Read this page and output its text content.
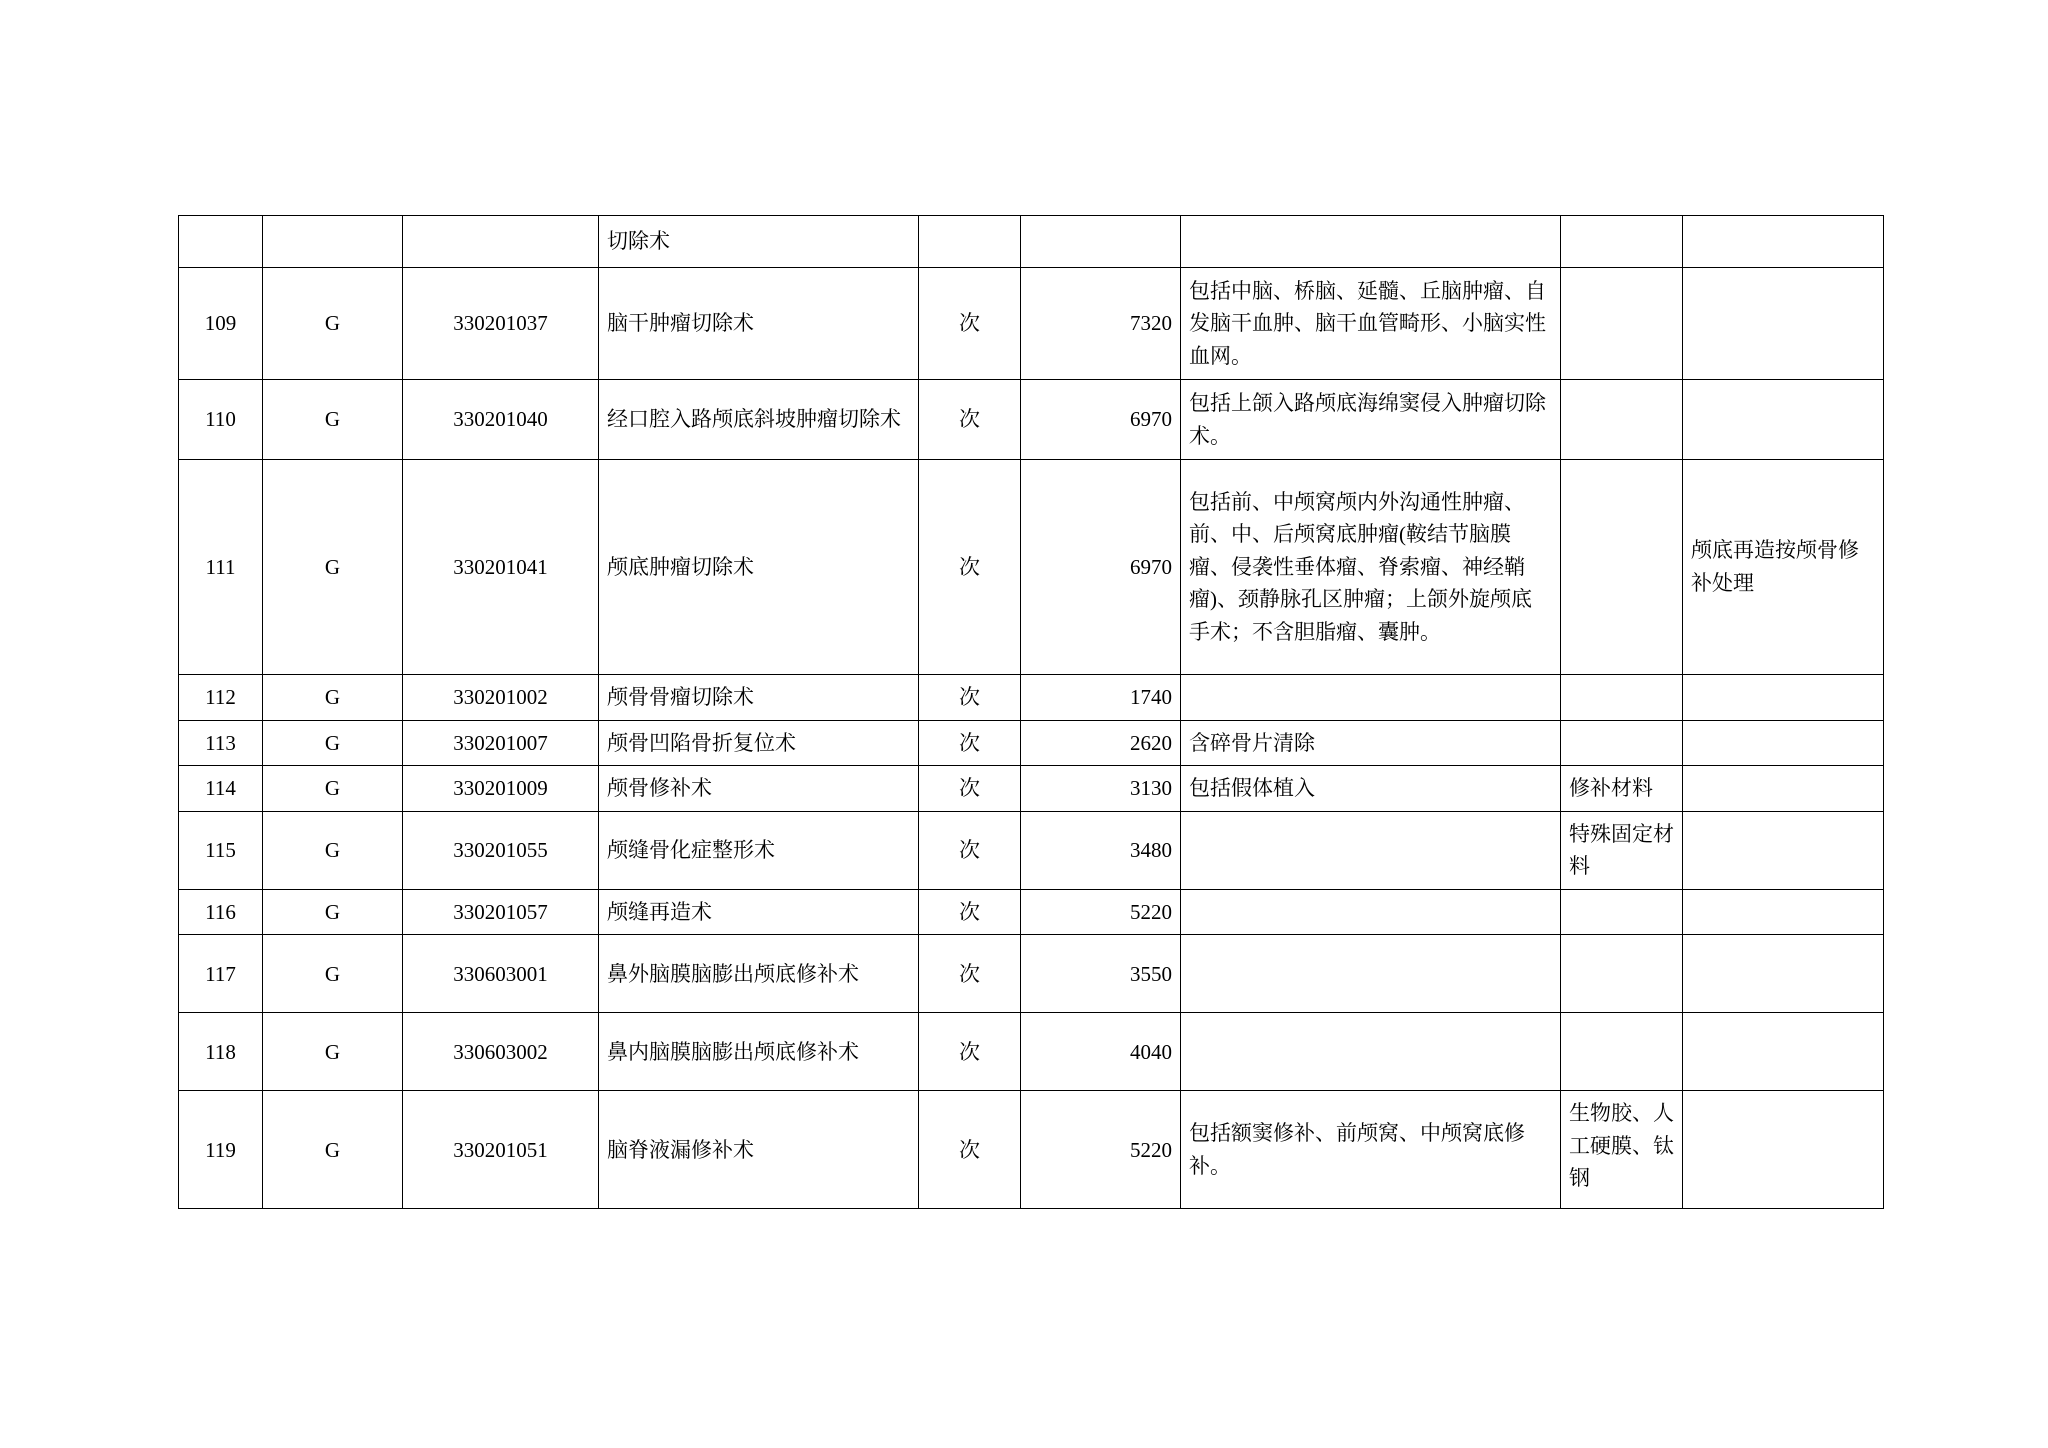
			切除术					
109	G	330201037	脑干肿瘤切除术	次	7320	包括中脑、桥脑、延髓、丘脑肿瘤、自发脑干血肿、脑干血管畸形、小脑实性血网。		
110	G	330201040	经口腔入路颅底斜坡肿瘤切除术	次	6970	包括上颌入路颅底海绵窦侵入肿瘤切除术。		
111	G	330201041	颅底肿瘤切除术	次	6970	包括前、中颅窝颅内外沟通性肿瘤、前、中、后颅窝底肿瘤(鞍结节脑膜瘤、侵袭性垂体瘤、脊索瘤、神经鞘瘤)、颈静脉孔区肿瘤；上颌外旋颅底手术；不含胆脂瘤、囊肿。		颅底再造按颅骨修补处理
112	G	330201002	颅骨骨瘤切除术	次	1740			
113	G	330201007	颅骨凹陷骨折复位术	次	2620	含碎骨片清除		
114	G	330201009	颅骨修补术	次	3130	包括假体植入	修补材料	
115	G	330201055	颅缝骨化症整形术	次	3480		特殊固定材料	
116	G	330201057	颅缝再造术	次	5220			
117	G	330603001	鼻外脑膜脑膨出颅底修补术	次	3550			
118	G	330603002	鼻内脑膜脑膨出颅底修补术	次	4040			
119	G	330201051	脑脊液漏修补术	次	5220	包括额窦修补、前颅窝、中颅窝底修补。	生物胶、人工硬膜、钛钢	
